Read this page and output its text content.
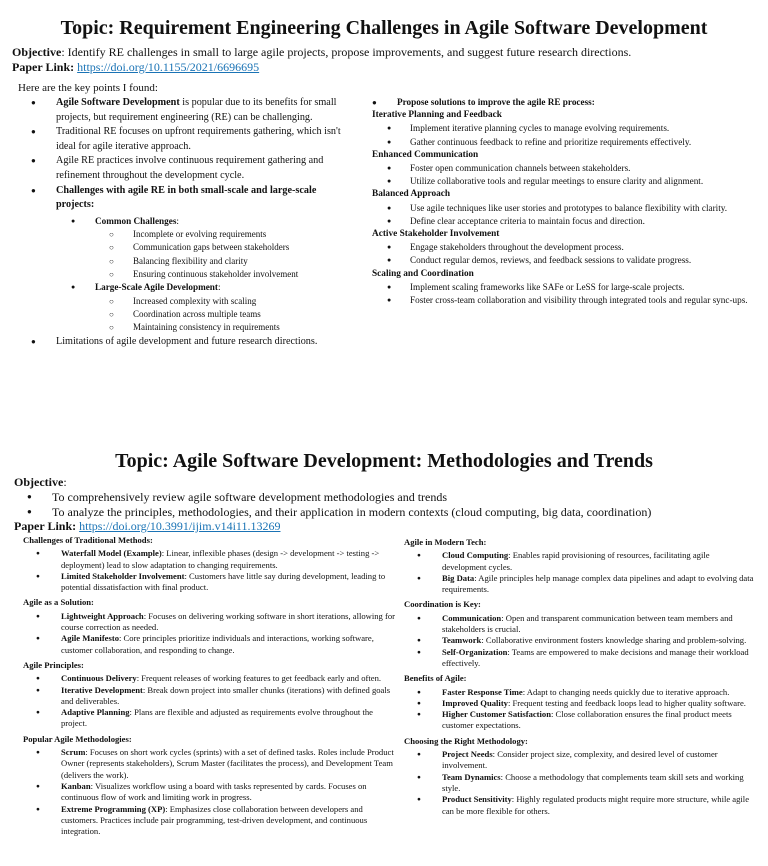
Topic: Requirement Engineering Challenges in Agile Software Development
Objective: Identify RE challenges in small to large agile projects, propose improvements, and suggest future research directions.
Paper Link: https://doi.org/10.1155/2021/6696695
Here are the key points I found:
● Agile Software Development is popular due to its benefits for small projects, but requirement engineering (RE) can be challenging.
● Traditional RE focuses on upfront requirements gathering, which isn't ideal for agile iterative approach.
● Agile RE practices involve continuous requirement gathering and refinement throughout the development cycle.
● Challenges with agile RE in both small-scale and large-scale projects:
● Common Challenges:
○ Incomplete or evolving requirements
○ Communication gaps between stakeholders
○ Balancing flexibility and clarity
○ Ensuring continuous stakeholder involvement
● Large-Scale Agile Development:
○ Increased complexity with scaling
○ Coordination across multiple teams
○ Maintaining consistency in requirements
● Limitations of agile development and future research directions.
● Propose solutions to improve the agile RE process:
Iterative Planning and Feedback
● Implement iterative planning cycles to manage evolving requirements.
● Gather continuous feedback to refine and prioritize requirements effectively.
Enhanced Communication
● Foster open communication channels between stakeholders.
● Utilize collaborative tools and regular meetings to ensure clarity and alignment.
Balanced Approach
● Use agile techniques like user stories and prototypes to balance flexibility with clarity.
● Define clear acceptance criteria to maintain focus and direction.
Active Stakeholder Involvement
● Engage stakeholders throughout the development process.
● Conduct regular demos, reviews, and feedback sessions to validate progress.
Scaling and Coordination
● Implement scaling frameworks like SAFe or LeSS for large-scale projects.
● Foster cross-team collaboration and visibility through integrated tools and regular sync-ups.
Topic: Agile Software Development: Methodologies and Trends
Objective:
● To comprehensively review agile software development methodologies and trends
● To analyze the principles, methodologies, and their application in modern contexts (cloud computing, big data, coordination)
Paper Link: https://doi.org/10.3991/ijim.v14i11.13269
Challenges of Traditional Methods:
● Waterfall Model (Example): Linear, inflexible phases (design -> development -> testing -> deployment) lead to slow adaptation to changing requirements.
● Limited Stakeholder Involvement: Customers have little say during development, leading to potential dissatisfaction with final product.
Agile as a Solution:
● Lightweight Approach: Focuses on delivering working software in short iterations, allowing for course correction as needed.
● Agile Manifesto: Core principles prioritize individuals and interactions, working software, customer collaboration, and responding to change.
Agile Principles:
● Continuous Delivery: Frequent releases of working features to get feedback early and often.
● Iterative Development: Break down project into smaller chunks (iterations) with defined goals and deliverables.
● Adaptive Planning: Plans are flexible and adjusted as requirements evolve throughout the project.
Popular Agile Methodologies:
● Scrum: Focuses on short work cycles (sprints) with a set of defined tasks. Roles include Product Owner (represents stakeholders), Scrum Master (facilitates the process), and Development Team (delivers the work).
● Kanban: Visualizes workflow using a board with tasks represented by cards. Focuses on continuous flow of work and limiting work in progress.
● Extreme Programming (XP): Emphasizes close collaboration between developers and customers. Practices include pair programming, test-driven development, and continuous integration.
Agile in Modern Tech:
● Cloud Computing: Enables rapid provisioning of resources, facilitating agile development cycles.
● Big Data: Agile principles help manage complex data pipelines and adapt to evolving data requirements.
Coordination is Key:
● Communication: Open and transparent communication between team members and stakeholders is crucial.
● Teamwork: Collaborative environment fosters knowledge sharing and problem-solving.
● Self-Organization: Teams are empowered to make decisions and manage their workload effectively.
Benefits of Agile:
● Faster Response Time: Adapt to changing needs quickly due to iterative approach.
● Improved Quality: Frequent testing and feedback loops lead to higher quality software.
● Higher Customer Satisfaction: Close collaboration ensures the final product meets customer expectations.
Choosing the Right Methodology:
● Project Needs: Consider project size, complexity, and desired level of customer involvement.
● Team Dynamics: Choose a methodology that complements team skill sets and working style.
● Product Sensitivity: Highly regulated products might require more structure, while agile can be more flexible for others.
